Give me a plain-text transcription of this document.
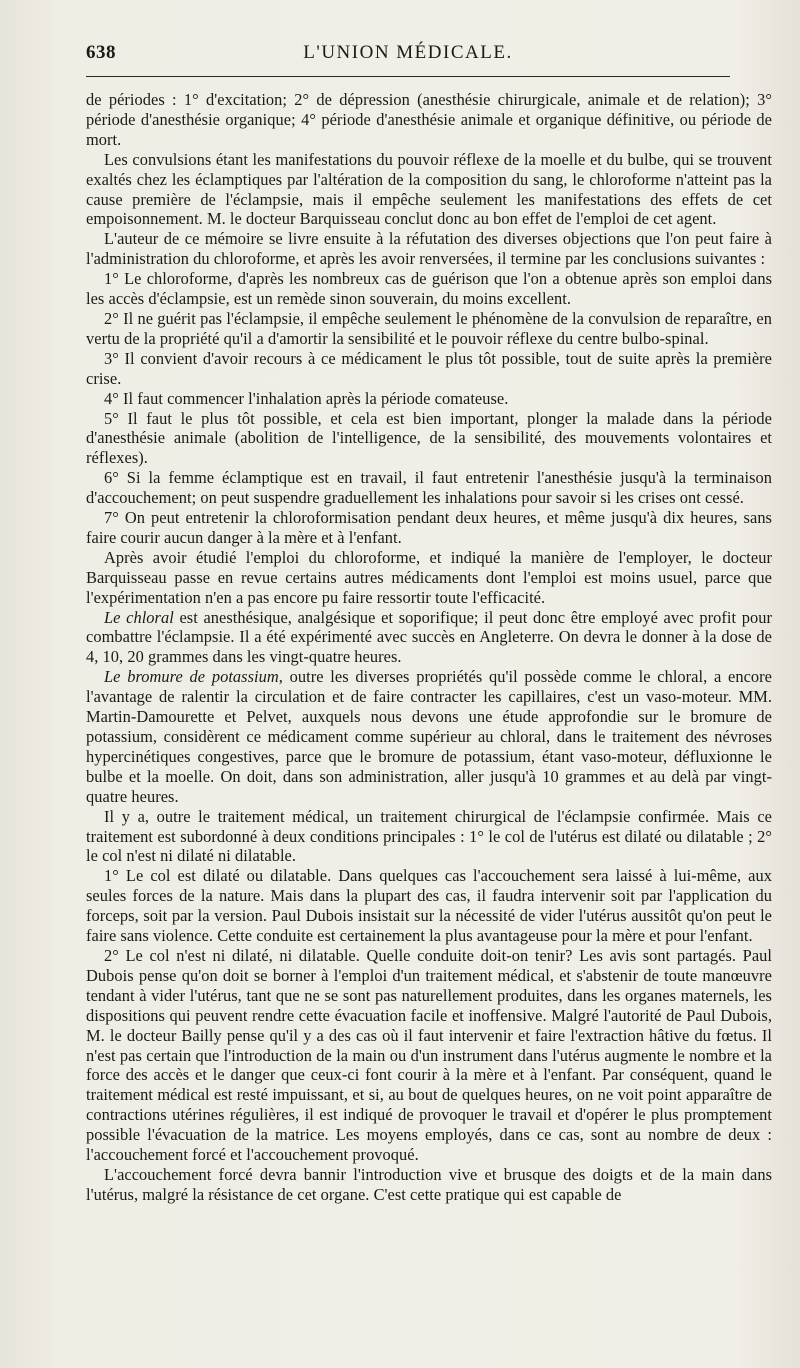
638	L'UNION MÉDICALE.

de périodes : 1° d'excitation; 2° de dépression (anesthésie chirurgicale, animale et de relation); 3° période d'anesthésie organique; 4° période d'anesthésie animale et organique définitive, ou période de mort.

Les convulsions étant les manifestations du pouvoir réflexe de la moelle et du bulbe, qui se trouvent exaltés chez les éclamptiques par l'altération de la composition du sang, le chloroforme n'atteint pas la cause première de l'éclampsie, mais il empêche seulement les manifestations des effets de cet empoisonnement. M. le docteur Barquisseau conclut donc au bon effet de l'emploi de cet agent.

L'auteur de ce mémoire se livre ensuite à la réfutation des diverses objections que l'on peut faire à l'administration du chloroforme, et après les avoir renversées, il termine par les conclusions suivantes :

1° Le chloroforme, d'après les nombreux cas de guérison que l'on a obtenue après son emploi dans les accès d'éclampsie, est un remède sinon souverain, du moins excellent.

2° Il ne guérit pas l'éclampsie, il empêche seulement le phénomène de la convulsion de reparaître, en vertu de la propriété qu'il a d'amortir la sensibilité et le pouvoir réflexe du centre bulbo-spinal.

3° Il convient d'avoir recours à ce médicament le plus tôt possible, tout de suite après la première crise.

4° Il faut commencer l'inhalation après la période comateuse.

5° Il faut le plus tôt possible, et cela est bien important, plonger la malade dans la période d'anesthésie animale (abolition de l'intelligence, de la sensibilité, des mouvements volontaires et réflexes).

6° Si la femme éclamptique est en travail, il faut entretenir l'anesthésie jusqu'à la terminaison d'accouchement; on peut suspendre graduellement les inhalations pour savoir si les crises ont cessé.

7° On peut entretenir la chloroformisation pendant deux heures, et même jusqu'à dix heures, sans faire courir aucun danger à la mère et à l'enfant.

Après avoir étudié l'emploi du chloroforme, et indiqué la manière de l'employer, le docteur Barquisseau passe en revue certains autres médicaments dont l'emploi est moins usuel, parce que l'expérimentation n'en a pas encore pu faire ressortir toute l'efficacité.

Le chloral est anesthésique, analgésique et soporifique; il peut donc être employé avec profit pour combattre l'éclampsie. Il a été expérimenté avec succès en Angleterre. On devra le donner à la dose de 4, 10, 20 grammes dans les vingt-quatre heures.

Le bromure de potassium, outre les diverses propriétés qu'il possède comme le chloral, a encore l'avantage de ralentir la circulation et de faire contracter les capillaires, c'est un vaso-moteur. MM. Martin-Damourette et Pelvet, auxquels nous devons une étude approfondie sur le bromure de potassium, considèrent ce médicament comme supérieur au chloral, dans le traitement des névroses hypercinétiques congestives, parce que le bromure de potassium, étant vaso-moteur, défluxionne le bulbe et la moelle. On doit, dans son administration, aller jusqu'à 10 grammes et au delà par vingt-quatre heures.

Il y a, outre le traitement médical, un traitement chirurgical de l'éclampsie confirmée. Mais ce traitement est subordonné à deux conditions principales : 1° le col de l'utérus est dilaté ou dilatable ; 2° le col n'est ni dilaté ni dilatable.

1° Le col est dilaté ou dilatable. Dans quelques cas l'accouchement sera laissé à lui-même, aux seules forces de la nature. Mais dans la plupart des cas, il faudra intervenir soit par l'application du forceps, soit par la version. Paul Dubois insistait sur la nécessité de vider l'utérus aussitôt qu'on peut le faire sans violence. Cette conduite est certainement la plus avantageuse pour la mère et pour l'enfant.

2° Le col n'est ni dilaté, ni dilatable. Quelle conduite doit-on tenir? Les avis sont partagés. Paul Dubois pense qu'on doit se borner à l'emploi d'un traitement médical, et s'abstenir de toute manœuvre tendant à vider l'utérus, tant que ne se sont pas naturellement produites, dans les organes maternels, les dispositions qui peuvent rendre cette évacuation facile et inoffensive. Malgré l'autorité de Paul Dubois, M. le docteur Bailly pense qu'il y a des cas où il faut intervenir et faire l'extraction hâtive du fœtus. Il n'est pas certain que l'introduction de la main ou d'un instrument dans l'utérus augmente le nombre et la force des accès et le danger que ceux-ci font courir à la mère et à l'enfant. Par conséquent, quand le traitement médical est resté impuissant, et si, au bout de quelques heures, on ne voit point apparaître de contractions utérines régulières, il est indiqué de provoquer le travail et d'opérer le plus promptement possible l'évacuation de la matrice. Les moyens employés, dans ce cas, sont au nombre de deux : l'accouchement forcé et l'accouchement provoqué.

L'accouchement forcé devra bannir l'introduction vive et brusque des doigts et de la main dans l'utérus, malgré la résistance de cet organe. C'est cette pratique qui est capable de
